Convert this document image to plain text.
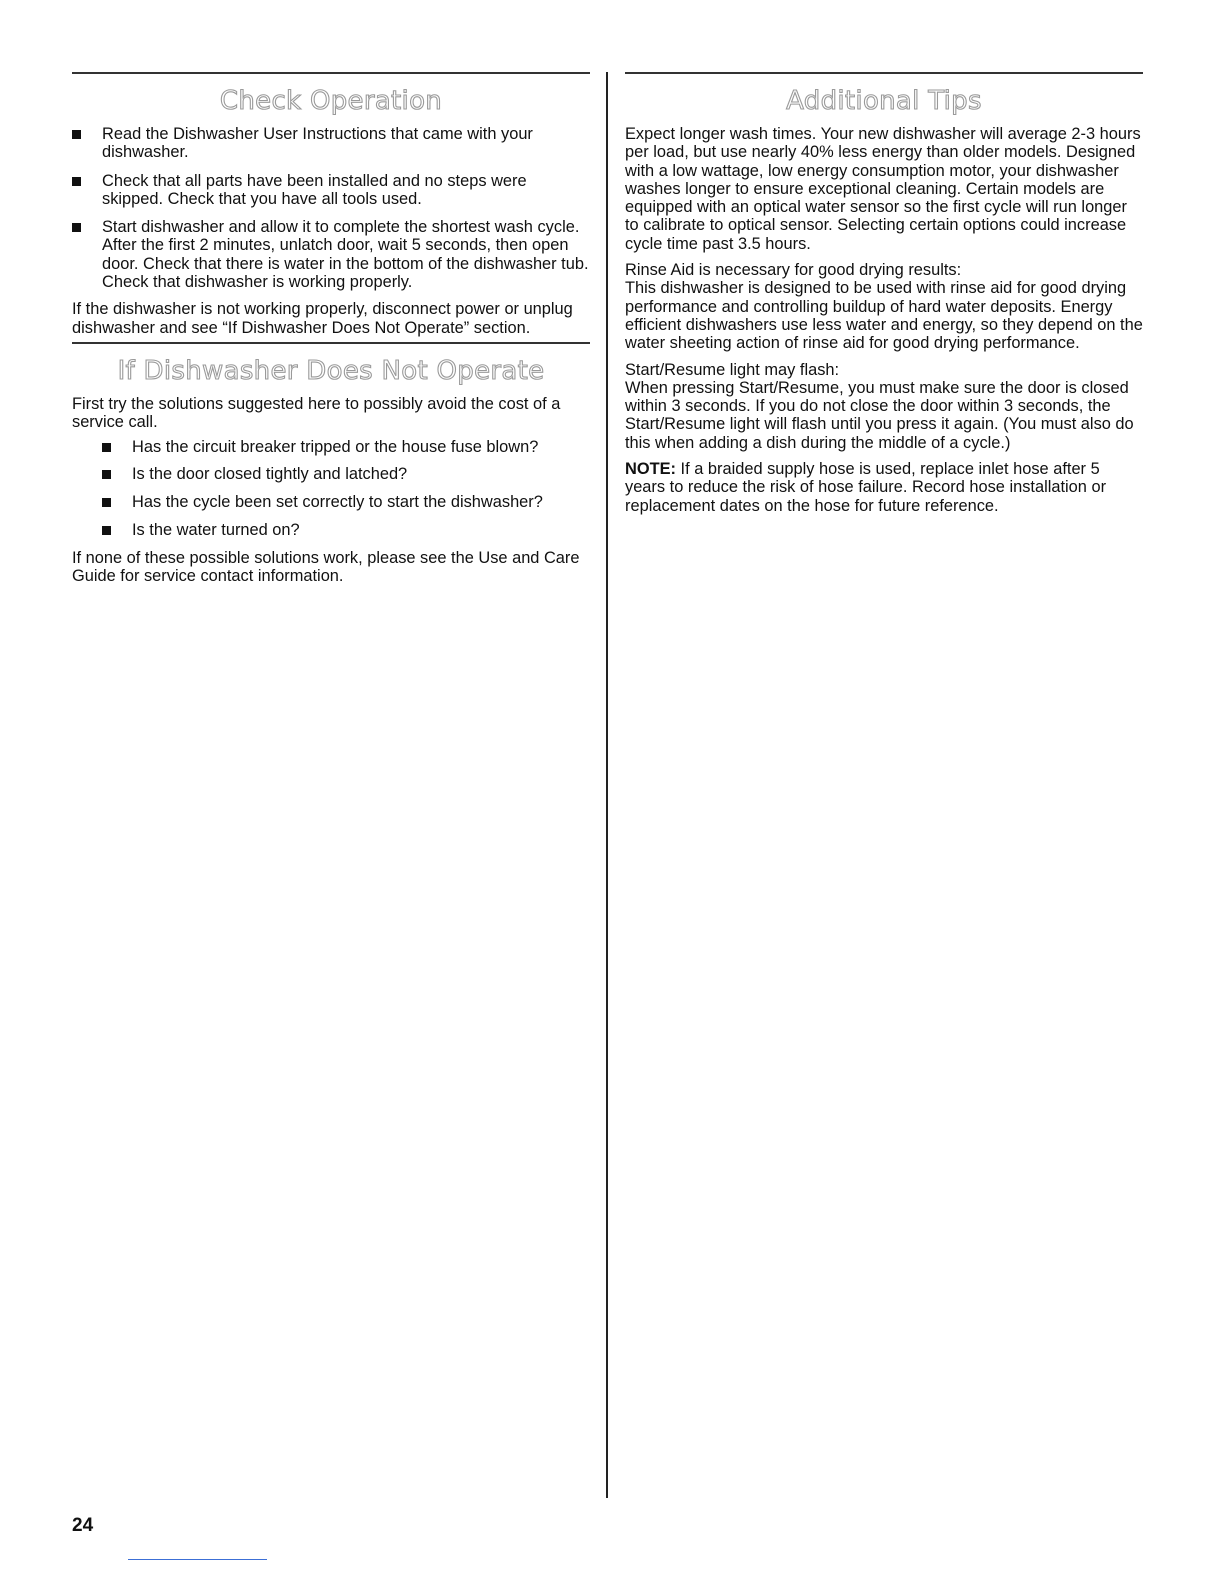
Check Operation
Read the Dishwasher User Instructions that came with your dishwasher.
Check that all parts have been installed and no steps were skipped. Check that you have all tools used.
Start dishwasher and allow it to complete the shortest wash cycle. After the first 2 minutes, unlatch door, wait 5 seconds, then open door. Check that there is water in the bottom of the dishwasher tub. Check that dishwasher is working properly.

If the dishwasher is not working properly, disconnect power or unplug dishwasher and see “If Dishwasher Does Not Operate” section.

If Dishwasher Does Not Operate

First try the solutions suggested here to possibly avoid the cost of a service call.

Has the circuit breaker tripped or the house fuse blown?
Is the door closed tightly and latched?
Has the cycle been set correctly to start the dishwasher?
Is the water turned on?

If none of these possible solutions work, please see the Use and Care Guide for service contact information.

Additional Tips

Expect longer wash times. Your new dishwasher will average 2-3 hours per load, but use nearly 40% less energy than older models. Designed with a low wattage, low energy consumption motor, your dishwasher washes longer to ensure exceptional cleaning. Certain models are equipped with an optical water sensor so the first cycle will run longer to calibrate to optical sensor. Selecting certain options could increase cycle time past 3.5 hours.

Rinse Aid is necessary for good drying results:
This dishwasher is designed to be used with rinse aid for good drying performance and controlling buildup of hard water deposits. Energy efficient dishwashers use less water and energy, so they depend on the water sheeting action of rinse aid for good drying performance.

Start/Resume light may flash:
When pressing Start/Resume, you must make sure the door is closed within 3 seconds. If you do not close the door within 3 seconds, the Start/Resume light will flash until you press it again. (You must also do this when adding a dish during the middle of a cycle.)

NOTE: If a braided supply hose is used, replace inlet hose after 5 years to reduce the risk of hose failure. Record hose installation or replacement dates on the hose for future reference.

24
